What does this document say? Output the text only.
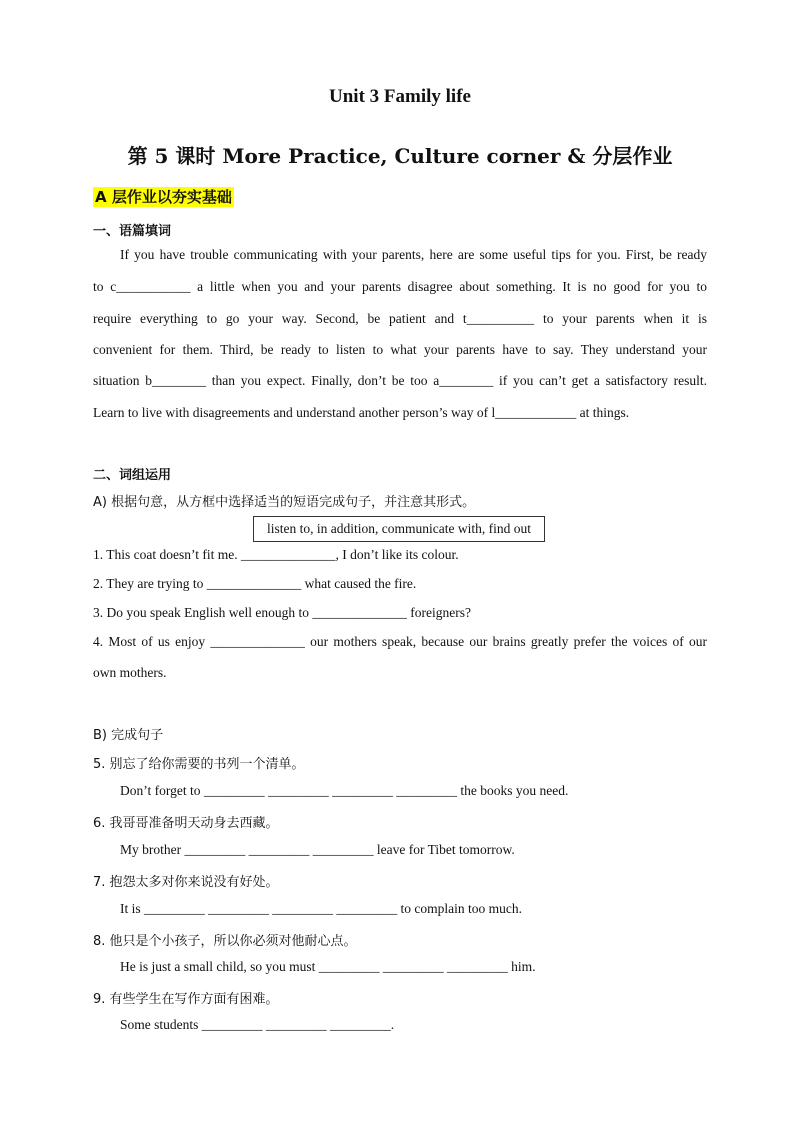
Unit 3 Family life
第 5 课时 More Practice, Culture corner & 分层作业
A 层作业以夯实基础
一、语篇填词
If you have trouble communicating with your parents, here are some useful tips for you. First, be ready
to c___________ a little when you and your parents disagree about something. It is no good for you to
require everything to go your way. Second, be patient and t__________ to your parents when it is
convenient for them. Third, be ready to listen to what your parents have to say. They understand your
situation b________ than you expect. Finally, don’t be too a________ if you can’t get a satisfactory result.
Learn to live with disagreements and understand another person’s way of l____________ at things.
二、词组运用
A) 根据句意，从方框中选择适当的短语完成句子，并注意其形式。
listen to, in addition, communicate with, find out
1. This coat doesn’t fit me. ______________, I don’t like its colour.
2. They are trying to ______________ what caused the fire.
3. Do you speak English well enough to ______________ foreigners?
4. Most of us enjoy ______________ our mothers speak, because our brains greatly prefer the voices of our
own mothers.
B) 完成句子
5. 别忘了给你需要的书列一个清单。
Don’t forget to _________ _________ _________ _________ the books you need.
6. 我哥哥准备明天动身去西藏。
My brother _________ _________ _________ leave for Tibet tomorrow.
7. 抱怨太多对你来说没有好处。
It is _________ _________ _________ _________ to complain too much.
8. 他只是个小孩子，所以你必须对他耐心点。
He is just a small child, so you must _________ _________ _________ him.
9. 有些学生在写作方面有困难。
Some students _________ _________ _________.
